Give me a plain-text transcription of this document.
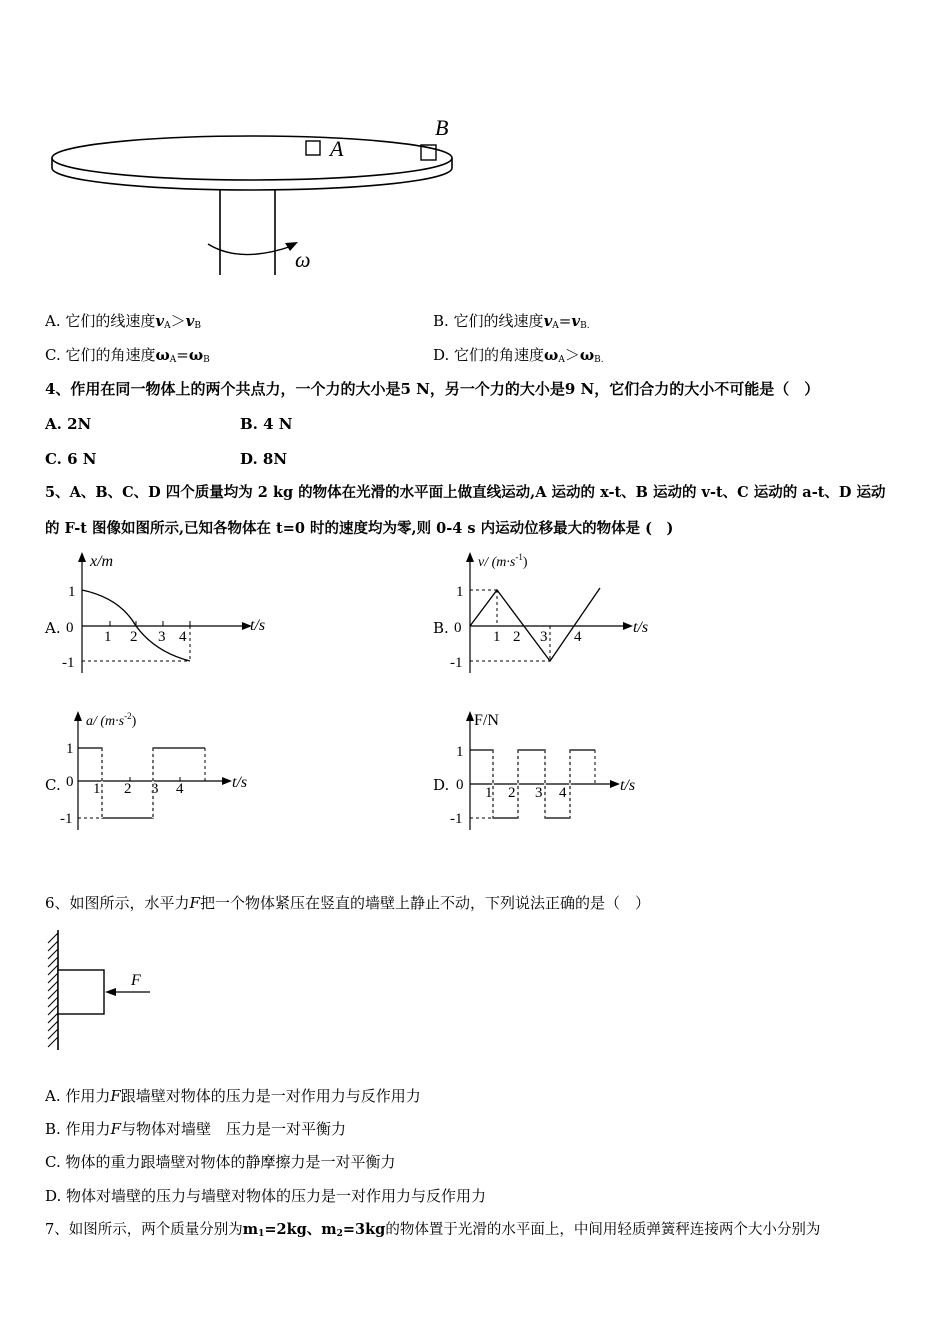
A
B
ω
A. 它们的线速度$v_A>v_B$	B. 它们的线速度$v_A=v_{B.}$
C. 它们的角速度$\omega_A=\omega_B$	D. 它们的角速度$\omega_A>\omega_{B.}$
4、作用在同一物体上的两个共点力，一个力的大小是5 N，另一个力的大小是9 N，它们合力的大小不可能是（　）
A. 2N	B. 4 N
C. 6 N	D. 8N
5、A、B、C、D 四个质量均为 2 kg 的物体在光滑的水平面上做直线运动,A 运动的 x-t、B 运动的 v-t、C 运动的 a-t、D 运动
的 F-t 图像如图所示,已知各物体在 t=0 时的速度均为零,则 0-4 s 内运动位移最大的物体是 (　)
A.
x/m
t/s
1
0
-1
1 2 3 4	B.
v/ $(m\cdot s^{-1})$
t/s
1
0
-1
1 2 3 4
C.
a/ $(m\cdot s^{-2})$
t/s
1
0
-1
1 2 3 4	D.
F/N
t/s
1
0
-1
1 2 3 4
6、如图所示，水平力F把一个物体紧压在竖直的墙壁上静止不动，下列说法正确的是（　）
F
A. 作用力F跟墙壁对物体的压力是一对作用力与反作用力
B. 作用力F与物体对墙壁　压力是一对平衡力
C. 物体的重力跟墙壁对物体的静摩擦力是一对平衡力
D. 物体对墙壁的压力与墙壁对物体的压力是一对作用力与反作用力
7、如图所示，两个质量分别为$m_1=2kg$、$m_2=3kg$的物体置于光滑的水平面上，中间用轻质弹簧秤连接两个大小分别为
